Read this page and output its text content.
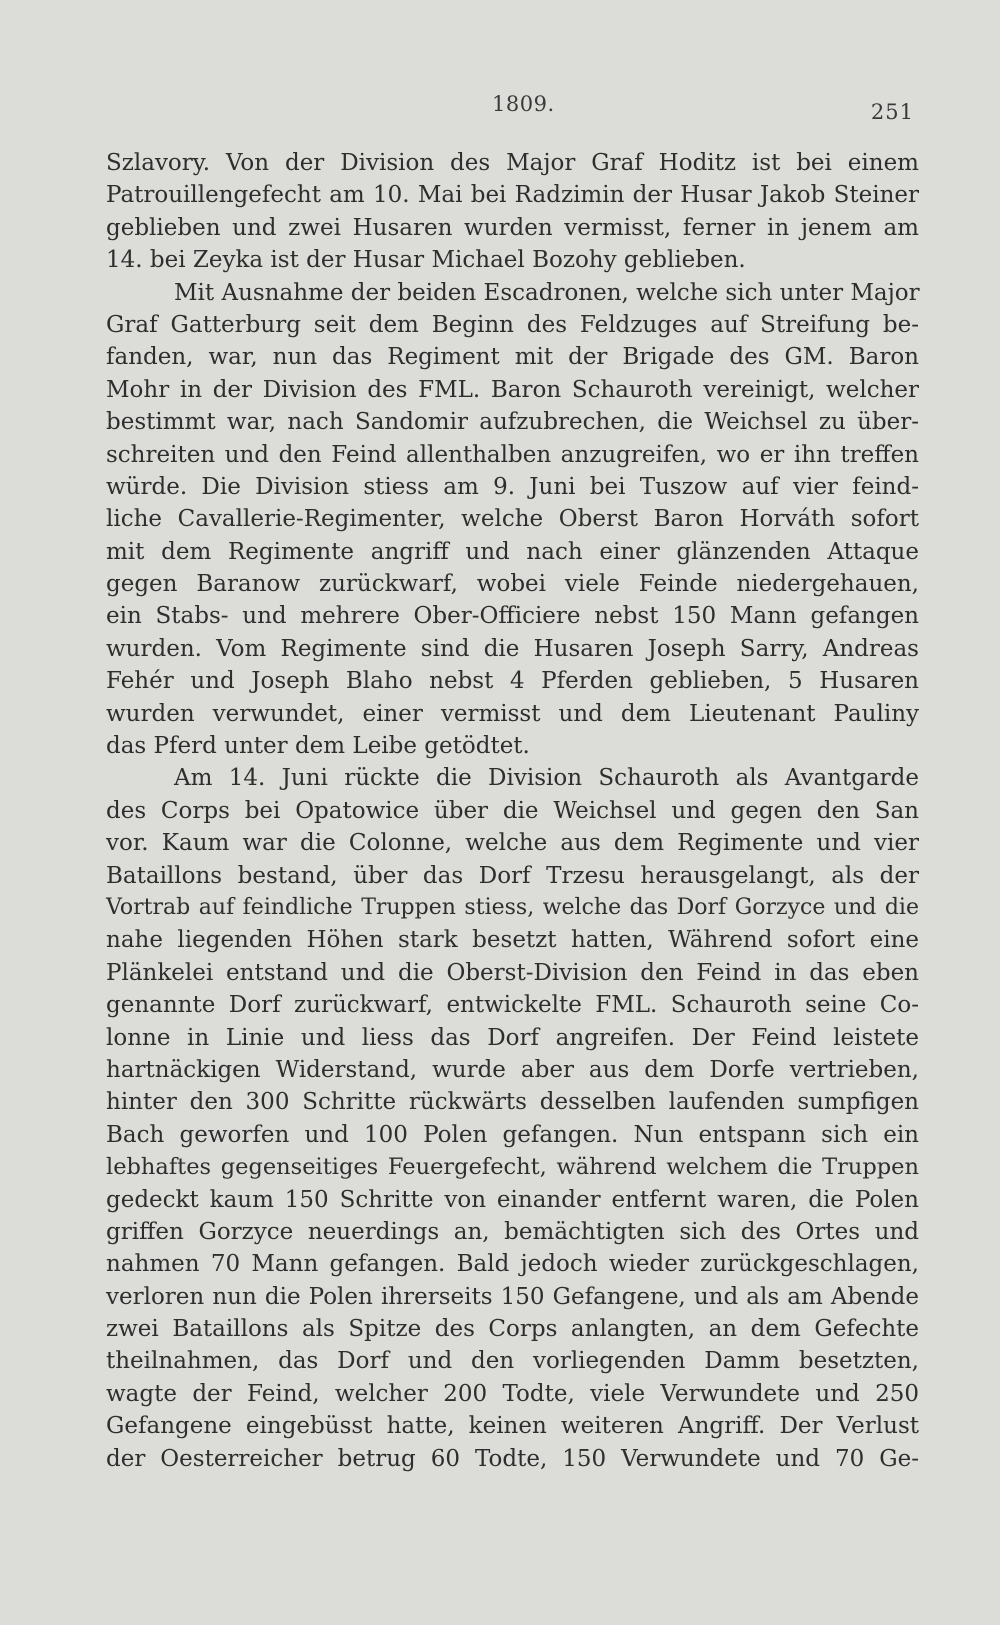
1809.	251
Szlavory. Von der Division des Major Graf Hoditz ist bei einem
Patrouillengefecht am 10. Mai bei Radzimin der Husar Jakob Steiner
geblieben und zwei Husaren wurden vermisst, ferner in jenem am
14. bei Zeyka ist der Husar Michael Bozohy geblieben.
Mit Ausnahme der beiden Escadronen, welche sich unter Major
Graf Gatterburg seit dem Beginn des Feldzuges auf Streifung be-
fanden, war, nun das Regiment mit der Brigade des GM. Baron
Mohr in der Division des FML. Baron Schauroth vereinigt, welcher
bestimmt war, nach Sandomir aufzubrechen, die Weichsel zu über-
schreiten und den Feind allenthalben anzugreifen, wo er ihn treffen
würde. Die Division stiess am 9. Juni bei Tuszow auf vier feind-
liche Cavallerie-Regimenter, welche Oberst Baron Horváth sofort
mit dem Regimente angriff und nach einer glänzenden Attaque
gegen Baranow zurückwarf, wobei viele Feinde niedergehauen,
ein Stabs- und mehrere Ober-Officiere nebst 150 Mann gefangen
wurden. Vom Regimente sind die Husaren Joseph Sarry, Andreas
Fehér und Joseph Blaho nebst 4 Pferden geblieben, 5 Husaren
wurden verwundet, einer vermisst und dem Lieutenant Pauliny
das Pferd unter dem Leibe getödtet.
Am 14. Juni rückte die Division Schauroth als Avantgarde
des Corps bei Opatowice über die Weichsel und gegen den San
vor. Kaum war die Colonne, welche aus dem Regimente und vier
Bataillons bestand, über das Dorf Trzesu herausgelangt, als der
Vortrab auf feindliche Truppen stiess, welche das Dorf Gorzyce und die
nahe liegenden Höhen stark besetzt hatten, Während sofort eine
Plänkelei entstand und die Oberst-Division den Feind in das eben
genannte Dorf zurückwarf, entwickelte FML. Schauroth seine Co-
lonne in Linie und liess das Dorf angreifen. Der Feind leistete
hartnäckigen Widerstand, wurde aber aus dem Dorfe vertrieben,
hinter den 300 Schritte rückwärts desselben laufenden sumpfigen
Bach geworfen und 100 Polen gefangen. Nun entspann sich ein
lebhaftes gegenseitiges Feuergefecht, während welchem die Truppen
gedeckt kaum 150 Schritte von einander entfernt waren, die Polen
griffen Gorzyce neuerdings an, bemächtigten sich des Ortes und
nahmen 70 Mann gefangen. Bald jedoch wieder zurückgeschlagen,
verloren nun die Polen ihrerseits 150 Gefangene, und als am Abende
zwei Bataillons als Spitze des Corps anlangten, an dem Gefechte
theilnahmen, das Dorf und den vorliegenden Damm besetzten,
wagte der Feind, welcher 200 Todte, viele Verwundete und 250
Gefangene eingebüsst hatte, keinen weiteren Angriff. Der Verlust
der Oesterreicher betrug 60 Todte, 150 Verwundete und 70 Ge-
